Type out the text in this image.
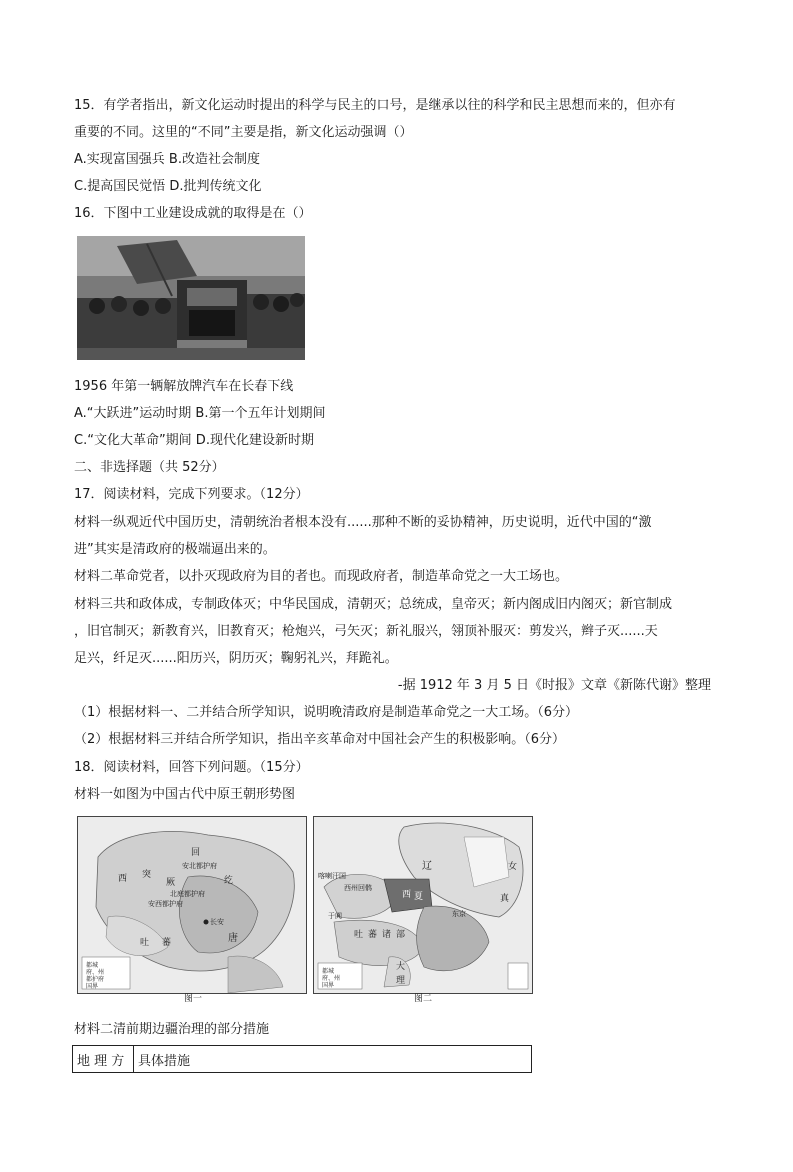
15．有学者指出，新文化运动时提出的科学与民主的口号，是继承以往的科学和民主思想而来的，但亦有
重要的不同。这里的“不同”主要是指，新文化运动强调（）
A.实现富国强兵 B.改造社会制度
C.提高国民觉悟 D.批判传统文化
16．下图中工业建设成就的取得是在（）
1956 年第一辆解放牌汽车在长春下线
A.“大跃进”运动时期 B.第一个五年计划期间
C.“文化大革命”期间 D.现代化建设新时期
二、非选择题（共 52分）
17．阅读材料，完成下列要求。（12分）
材料一纵观近代中国历史，清朝统治者根本没有......那种不断的妥协精神，历史说明，近代中国的“激
进”其实是清政府的极端逼出来的。
材料二革命党者，以扑灭现政府为目的者也。而现政府者，制造革命党之一大工场也。
材料三共和政体成，专制政体灭；中华民国成，清朝灭；总统成，皇帝灭；新内阁成旧内阁灭；新官制成
，旧官制灭；新教育兴，旧教育灭；枪炮兴，弓矢灭；新礼服兴，翎顶补服灭：剪发兴，辫子灭......天
足兴，纤足灭......阳历兴，阴历灭；鞠躬礼兴，拜跪礼。
-据 1912 年 3 月 5 日《时报》文章《新陈代谢》整理
（1）根据材料一、二并结合所学知识，说明晚清政府是制造革命党之一大工场。（6分）
（2）根据材料三并结合所学知识，指出辛亥革命对中国社会产生的积极影响。（6分）
18．阅读材料，回答下列问题。（15分）
材料一如图为中国古代中原王朝形势图
回
纥
安北都护府
西 突
厥
北庭都护府
安西都护府
吐 蕃
长安
唐
都城
府、州
都护府
国界
图一
辽	女
真
西州回鹘
西 夏
吐 蕃 诸 部
大
理
东京
于阗
喀喇汗国
都城
府、州
国界
图二
材料二清前期边疆治理的部分措施
地 理 方	具体措施
